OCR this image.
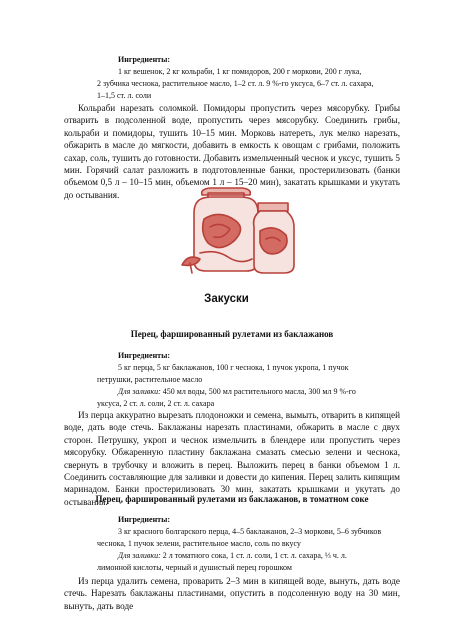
Ингредиенты:
1 кг вешенок, 2 кг кольраби, 1 кг помидоров, 200 г моркови, 200 г лука,
2 зубчика чеснока, растительное масло, 1–2 ст. л. 9 %-го уксуса, 6–7 ст. л. сахара,
1–1,5 ст. л. соли
Кольраби нарезать соломкой. Помидоры пропустить через мясорубку. Грибы отварить в подсоленной воде, пропустить через мясорубку. Соединить грибы, кольраби и помидоры, тушить 10–15 мин. Морковь натереть, лук мелко нарезать, обжарить в масле до мягкости, добавить в емкость к овощам с грибами, положить сахар, соль, тушить до готовности. Добавить измельченный чеснок и уксус, тушить 5 мин. Горячий салат разложить в подготовленные банки, простерилизовать (банки объемом 0,5 л – 10–15 мин, объемом 1 л – 15–20 мин), закатать крышками и укутать до остывания.
Закуски
Перец, фаршированный рулетами из баклажанов
Ингредиенты:
5 кг перца, 5 кг баклажанов, 100 г чеснока, 1 пучок укропа, 1 пучок
петрушки, растительное масло
Для заливки: 450 мл воды, 500 мл растительного масла, 300 мл 9 %-го
уксуса, 2 ст. л. соли, 2 ст. л. сахара
Из перца аккуратно вырезать плодоножки и семена, вымыть, отварить в кипящей воде, дать воде стечь. Баклажаны нарезать пластинами, обжарить в масле с двух сторон. Петрушку, укроп и чеснок измельчить в блендере или пропустить через мясорубку. Обжаренную пластину баклажана смазать смесью зелени и чеснока, свернуть в трубочку и вложить в перец. Выложить перец в банки объемом 1 л. Соединить составляющие для заливки и довести до кипения. Перец залить кипящим маринадом. Банки простерилизовать 30 мин, закатать крышками и укутать до остывания.
Перец, фаршированный рулетами из баклажанов, в томатном соке
Ингредиенты:
3 кг красного болгарского перца, 4–5 баклажанов, 2–3 моркови, 5–6 зубчиков
чеснока, 1 пучок зелени, растительное масло, соль по вкусу
Для заливки: 2 л томатного сока, 1 ст. л. соли, 1 ст. л. сахара, ⅓ ч. л.
лимонной кислоты, черный и душистый перец горошком
Из перца удалить семена, проварить 2–3 мин в кипящей воде, вынуть, дать воде стечь. Нарезать баклажаны пластинами, опустить в подсоленную воду на 30 мин, вынуть, дать воде
